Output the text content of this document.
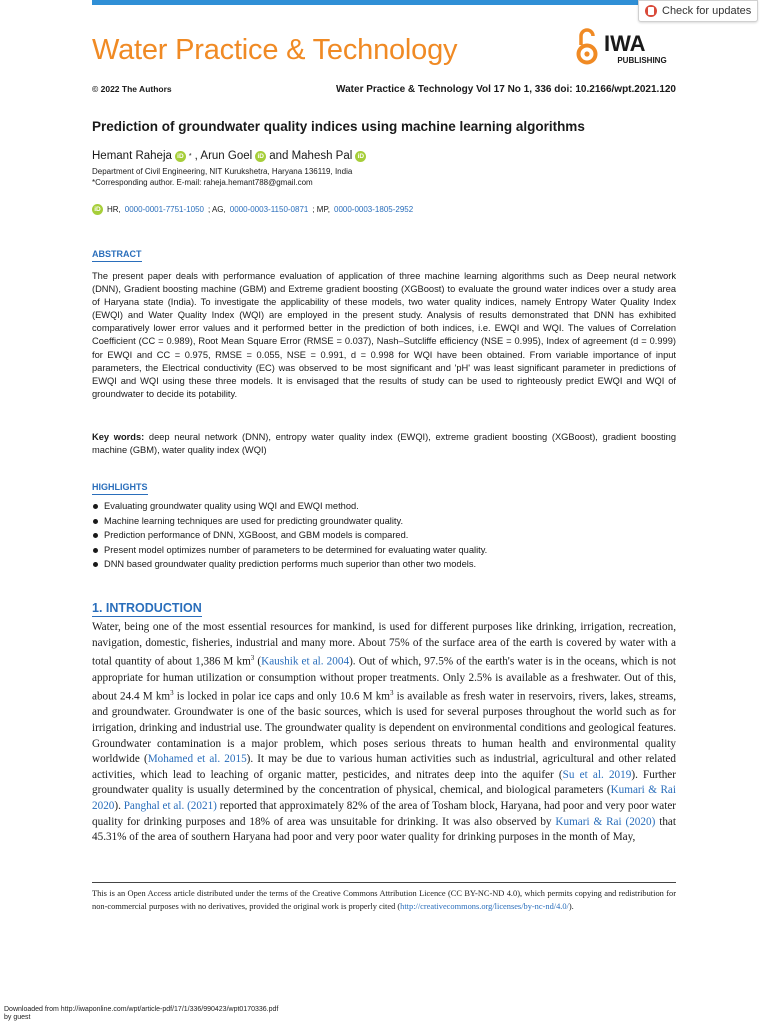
Check for updates
Water Practice & Technology	IWA
PUBLISHING
© 2022 The Authors	Water Practice & Technology Vol 17 No 1, 336 doi: 10.2166/wpt.2021.120
Prediction of groundwater quality indices using machine learning algorithms
Hemant Raheja iD * , Arun Goel iD and Mahesh Pal iD
Department of Civil Engineering, NIT Kurukshetra, Haryana 136119, India
*Corresponding author. E-mail: raheja.hemant788@gmail.com
iD HR, 0000-0001-7751-1050 ; AG, 0000-0003-1150-0871 ; MP, 0000-0003-1805-2952
ABSTRACT
The present paper deals with performance evaluation of application of three machine learning algorithms such as Deep neural network (DNN), Gradient boosting machine (GBM) and Extreme gradient boosting (XGBoost) to evaluate the ground water indices over a study area of Haryana state (India). To investigate the applicability of these models, two water quality indices, namely Entropy Water Quality Index (EWQI) and Water Quality Index (WQI) are employed in the present study. Analysis of results demonstrated that DNN has exhibited comparatively lower error values and it performed better in the prediction of both indices, i.e. EWQI and WQI. The values of Correlation Coefficient (CC = 0.989), Root Mean Square Error (RMSE = 0.037), Nash–Sutcliffe efficiency (NSE = 0.995), Index of agreement (d = 0.999) for EWQI and CC = 0.975, RMSE = 0.055, NSE = 0.991, d = 0.998 for WQI have been obtained. From variable importance of input parameters, the Electrical conductivity (EC) was observed to be most significant and 'pH' was least significant parameter in predictions of EWQI and WQI using these three models. It is envisaged that the results of study can be used to righteously predict EWQI and WQI of groundwater to decide its potability.
Key words: deep neural network (DNN), entropy water quality index (EWQI), extreme gradient boosting (XGBoost), gradient boosting machine (GBM), water quality index (WQI)
HIGHLIGHTS
Evaluating groundwater quality using WQI and EWQI method.
Machine learning techniques are used for predicting groundwater quality.
Prediction performance of DNN, XGBoost, and GBM models is compared.
Present model optimizes number of parameters to be determined for evaluating water quality.
DNN based groundwater quality prediction performs much superior than other two models.
1. INTRODUCTION
Water, being one of the most essential resources for mankind, is used for different purposes like drinking, irrigation, recreation, navigation, domestic, fisheries, industrial and many more. About 75% of the surface area of the earth is covered by water with a total quantity of about 1,386 M $km^3$ (Kaushik et al. 2004). Out of which, 97.5% of the earth's water is in the oceans, which is not appropriate for human utilization or consumption without proper treatments. Only 2.5% is available as a freshwater. Out of this, about 24.4 M $km^3$ is locked in polar ice caps and only 10.6 M $km^3$ is available as fresh water in reservoirs, rivers, lakes, streams, and groundwater. Groundwater is one of the basic sources, which is used for several purposes throughout the world such as for irrigation, drinking and industrial use. The groundwater quality is dependent on environmental conditions and geological features. Groundwater contamination is a major problem, which poses serious threats to human health and environmental quality worldwide (Mohamed et al. 2015). It may be due to various human activities such as industrial, agricultural and other related activities, which lead to leaching of organic matter, pesticides, and nitrates deep into the aquifer (Su et al. 2019). Further groundwater quality is usually determined by the concentration of physical, chemical, and biological parameters (Kumari & Rai 2020). Panghal et al. (2021) reported that approximately 82% of the area of Tosham block, Haryana, had poor and very poor water quality for drinking purposes and 18% of area was unsuitable for drinking. It was also observed by Kumari & Rai (2020) that 45.31% of the area of southern Haryana had poor and very poor water quality for drinking purposes in the month of May,
This is an Open Access article distributed under the terms of the Creative Commons Attribution Licence (CC BY-NC-ND 4.0), which permits copying and redistribution for non-commercial purposes with no derivatives, provided the original work is properly cited (http://creativecommons.org/licenses/by-nc-nd/4.0/).
Downloaded from http://iwaponline.com/wpt/article-pdf/17/1/336/990423/wpt0170336.pdf
by guest
